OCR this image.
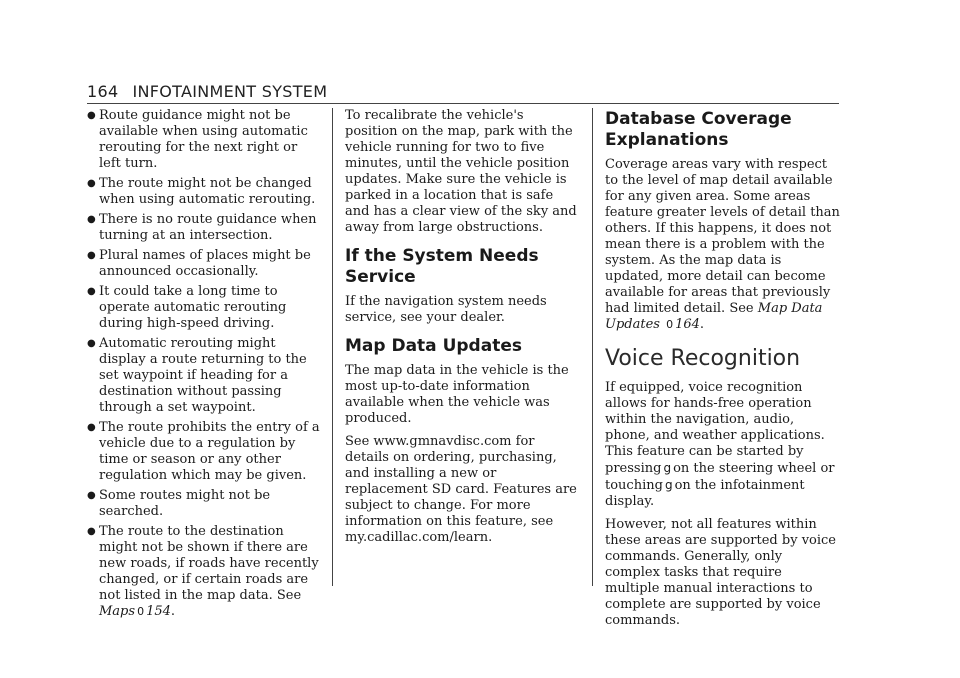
164 INFOTAINMENT SYSTEM
● Route guidance might not be available when using automatic rerouting for the next right or left turn.
● The route might not be changed when using automatic rerouting.
● There is no route guidance when turning at an intersection.
● Plural names of places might be announced occasionally.
● It could take a long time to operate automatic rerouting during high-speed driving.
● Automatic rerouting might display a route returning to the set waypoint if heading for a destination without passing through a set waypoint.
● The route prohibits the entry of a vehicle due to a regulation by time or season or any other regulation which may be given.
● Some routes might not be searched.
● The route to the destination might not be shown if there are new roads, if roads have recently changed, or if certain roads are not listed in the map data. See Maps 0 154.

To recalibrate the vehicle's position on the map, park with the vehicle running for two to five minutes, until the vehicle position updates. Make sure the vehicle is parked in a location that is safe and has a clear view of the sky and away from large obstructions.

If the System Needs Service

If the navigation system needs service, see your dealer.

Map Data Updates

The map data in the vehicle is the most up-to-date information available when the vehicle was produced.

See www.gmnavdisc.com for details on ordering, purchasing, and installing a new or replacement SD card. Features are subject to change. For more information on this feature, see my.cadillac.com/learn.

Database Coverage Explanations

Coverage areas vary with respect to the level of map detail available for any given area. Some areas feature greater levels of detail than others. If this happens, it does not mean there is a problem with the system. As the map data is updated, more detail can become available for areas that previously had limited detail. See Map Data Updates 0 164.

Voice Recognition

If equipped, voice recognition allows for hands-free operation within the navigation, audio, phone, and weather applications. This feature can be started by pressing g on the steering wheel or touching g on the infotainment display.

However, not all features within these areas are supported by voice commands. Generally, only complex tasks that require multiple manual interactions to complete are supported by voice commands.
